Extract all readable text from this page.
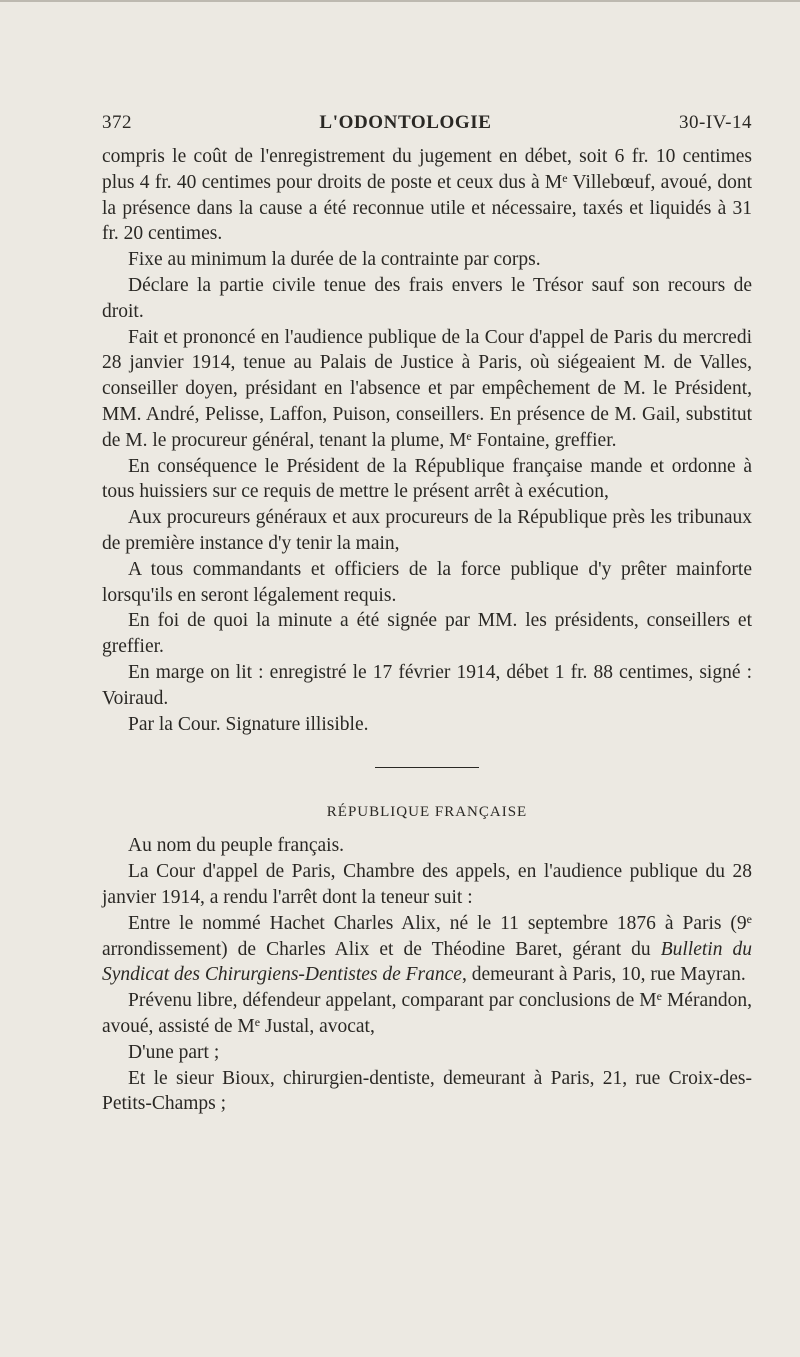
372	L'ODONTOLOGIE	30-IV-14

compris le coût de l'enregistrement du jugement en débet, soit 6 fr. 10 centimes plus 4 fr. 40 centimes pour droits de poste et ceux dus à Me Villebœuf, avoué, dont la présence dans la cause a été reconnue utile et nécessaire, taxés et liquidés à 31 fr. 20 centimes.

Fixe au minimum la durée de la contrainte par corps.

Déclare la partie civile tenue des frais envers le Trésor sauf son recours de droit.

Fait et prononcé en l'audience publique de la Cour d'appel de Paris du mercredi 28 janvier 1914, tenue au Palais de Justice à Paris, où siégeaient M. de Valles, conseiller doyen, présidant en l'absence et par empêchement de M. le Président, MM. André, Pelisse, Laffon, Puison, conseillers. En présence de M. Gail, substitut de M. le procureur général, tenant la plume, Me Fontaine, greffier.

En conséquence le Président de la République française mande et ordonne à tous huissiers sur ce requis de mettre le présent arrêt à exécution,

Aux procureurs généraux et aux procureurs de la République près les tribunaux de première instance d'y tenir la main,

A tous commandants et officiers de la force publique d'y prêter mainforte lorsqu'ils en seront légalement requis.

En foi de quoi la minute a été signée par MM. les présidents, conseillers et greffier.

En marge on lit : enregistré le 17 février 1914, débet 1 fr. 88 centimes, signé : Voiraud.

Par la Cour. Signature illisible.

RÉPUBLIQUE FRANÇAISE

Au nom du peuple français.

La Cour d'appel de Paris, Chambre des appels, en l'audience publique du 28 janvier 1914, a rendu l'arrêt dont la teneur suit :

Entre le nommé Hachet Charles Alix, né le 11 septembre 1876 à Paris (9e arrondissement) de Charles Alix et de Théodine Baret, gérant du Bulletin du Syndicat des Chirurgiens-Dentistes de France, demeurant à Paris, 10, rue Mayran.

Prévenu libre, défendeur appelant, comparant par conclusions de Me Mérandon, avoué, assisté de Me Justal, avocat,

D'une part ;

Et le sieur Bioux, chirurgien-dentiste, demeurant à Paris, 21, rue Croix-des-Petits-Champs ;
